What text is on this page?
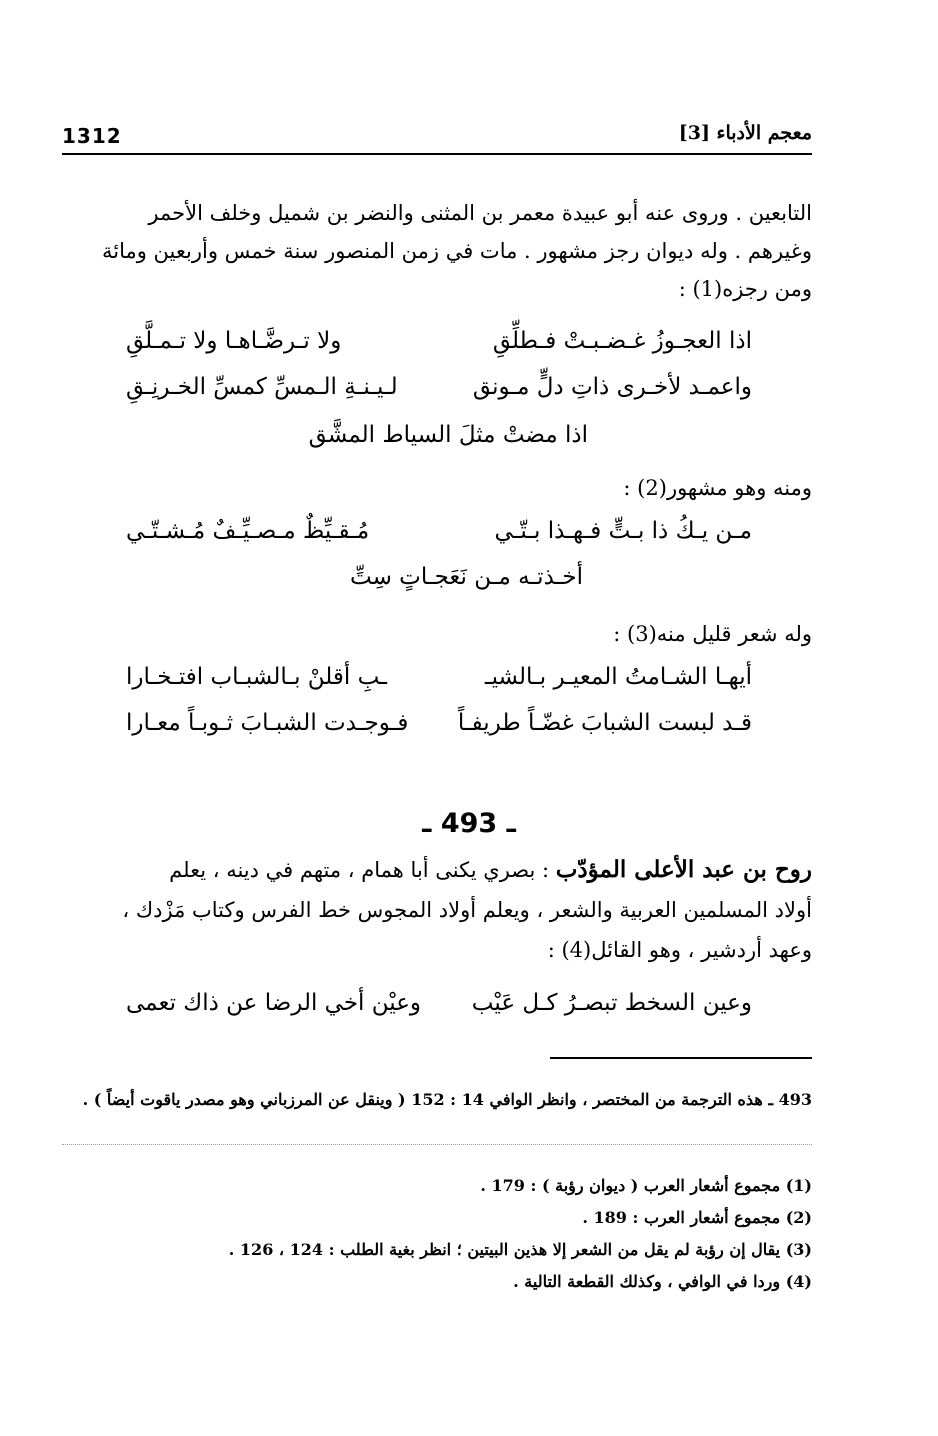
1312	معجم الأدباء [3]

التابعين . وروى عنه أبو عبيدة معمر بن المثنى والنضر بن شميل وخلف الأحمر

وغيرهم . وله ديوان رجز مشهور . مات في زمن المنصور سنة خمس وأربعين ومائة

ومن رجزه(1) :

اذا العجـوزُ غـضـبـتْ فـطلِّقِ
ولا تـرضَّـاهـا ولا تـمـلَّقِ
واعمـد لأخـرى ذاتِ دلٍّ مـونق
لـيـنـةِ الـمسِّ كمسِّ الخـرنِـقِ
اذا مضتْ مثلَ السياط المشَّق
ومنه وهو مشهور(2) :
مـن يـكُ ذا بـتٍّ فـهـذا بـتّـي
مُـقـيِّظٌ مـصـيِّـفٌ مُـشـتّـي
أخـذتـه مـن نَعَجـاتٍ سِتِّ
وله شعر قليل منه(3) :
أيهـا الشـامتُ المعيـر بـالشيـ
ـبِ أقلنْ بـالشبـاب افتـخـارا
قـد لبست الشبابَ غضّـاً طريفـاً
فـوجـدت الشبـابَ ثـوبـاً معـارا
ـ 493 ـ
روح بن عبد الأعلى المؤدّب : بصري يكنى أبا همام ، متهم في دينه ، يعلم
أولاد المسلمين العربية والشعر ، ويعلم أولاد المجوس خط الفرس وكتاب مَزْدك ،
وعهد أردشير ، وهو القائل(4) :
وعين السخط تبصـرُ كـل عَيْب
وعيْن أخي الرضا عن ذاك تعمى
493 ـ هذه الترجمة من المختصر ، وانظر الوافي 14 : 152 ( وينقل عن المرزباني وهو مصدر ياقوت أيضاً ) .
(1) مجموع أشعار العرب ( ديوان رؤبة ) : 179 .
(2) مجموع أشعار العرب : 189 .
(3) يقال إن رؤبة لم يقل من الشعر إلا هذين البيتين ؛ انظر بغية الطلب : 124 ، 126 .
(4) وردا في الوافي ، وكذلك القطعة التالية .
